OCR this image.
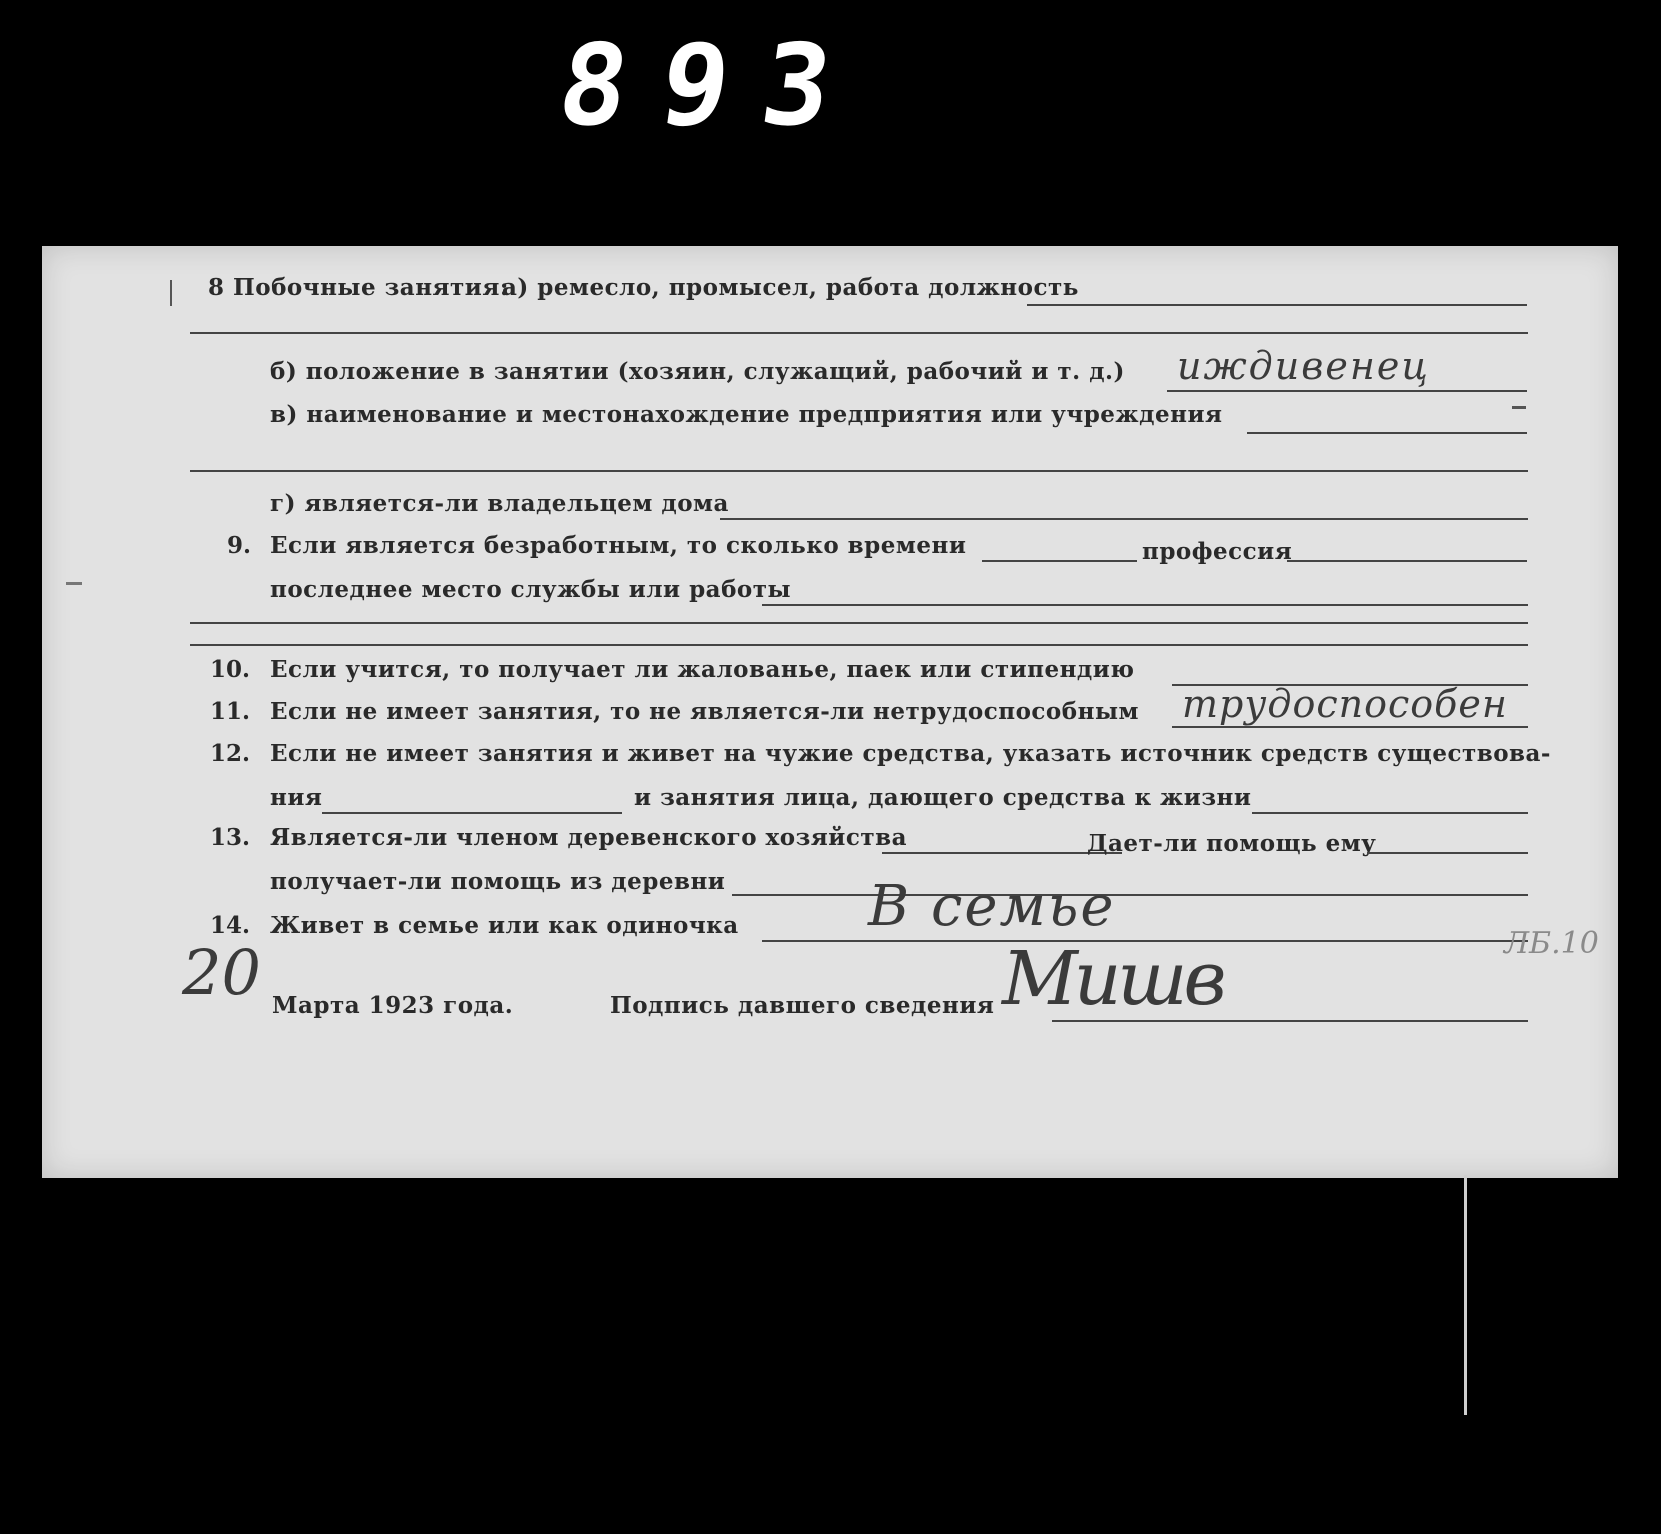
893
8 Побочные занятия:
а) ремесло, промысел, работа должность
б) положение в занятии (хозяин, служащий, рабочий и т. д.) иждивенец
в) наименование и местонахождение предприятия или учреждения
г) является-ли владельцем дома
9. Если является безработным, то сколько времени	профессия
последнее место службы или работы
10. Если учится, то получает ли жалованье, паек или стипендию
11. Если не имеет занятия, то не является-ли нетрудоспособным трудоспособен
12. Если не имеет занятия и живет на чужие средства, указать источник средств существова-
ния	и занятия лица, дающего средства к жизни
13. Является-ли членом деревенского хозяйства	Дает-ли помощь ему
получает-ли помощь из деревни
14. Живет в семье или как одиночка В семье
20 Марта 1923 года.	Подпись давшего сведения Мишв	ЛБ.10
